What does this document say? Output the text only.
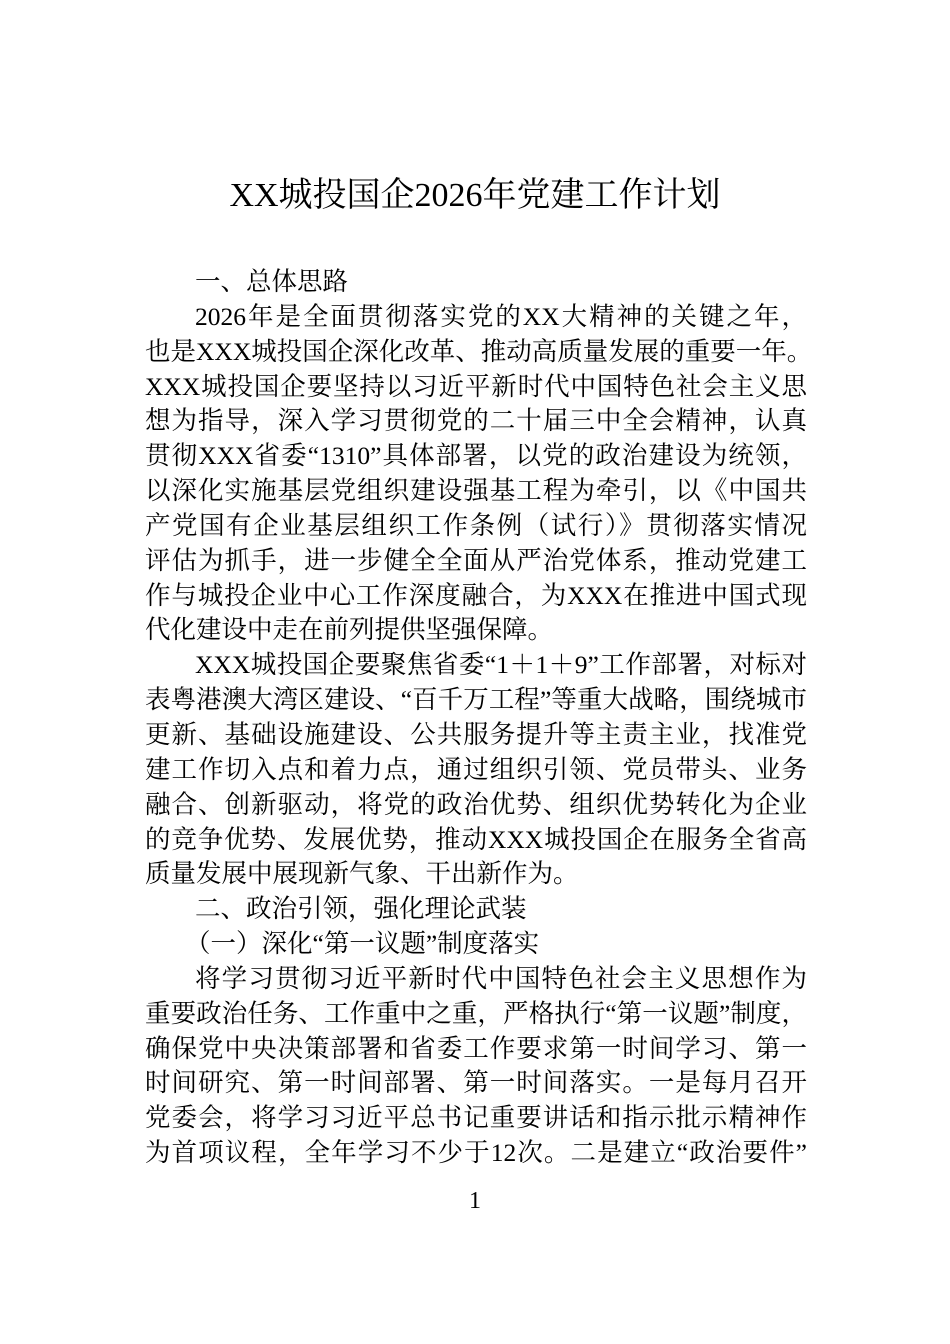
XX城投国企2026年党建工作计划
一、总体思路
2026年是全面贯彻落实党的XX大精神的关键之年，
也是XXX城投国企深化改革、推动高质量发展的重要一年。
XXX城投国企要坚持以习近平新时代中国特色社会主义思
想为指导，深入学习贯彻党的二十届三中全会精神，认真
贯彻XXX省委“1310”具体部署，以党的政治建设为统领，
以深化实施基层党组织建设强基工程为牵引，以《中国共
产党国有企业基层组织工作条例（试行）》贯彻落实情况
评估为抓手，进一步健全全面从严治党体系，推动党建工
作与城投企业中心工作深度融合，为XXX在推进中国式现
代化建设中走在前列提供坚强保障。
XXX城投国企要聚焦省委“1＋1＋9”工作部署，对标对
表粤港澳大湾区建设、“百千万工程”等重大战略，围绕城市
更新、基础设施建设、公共服务提升等主责主业，找准党
建工作切入点和着力点，通过组织引领、党员带头、业务
融合、创新驱动，将党的政治优势、组织优势转化为企业
的竞争优势、发展优势，推动XXX城投国企在服务全省高
质量发展中展现新气象、干出新作为。
二、政治引领，强化理论武装
（一）深化“第一议题”制度落实
将学习贯彻习近平新时代中国特色社会主义思想作为
重要政治任务、工作重中之重，严格执行“第一议题”制度，
确保党中央决策部署和省委工作要求第一时间学习、第一
时间研究、第一时间部署、第一时间落实。一是每月召开
党委会，将学习习近平总书记重要讲话和指示批示精神作
为首项议程，全年学习不少于12次。二是建立“政治要件”
1
